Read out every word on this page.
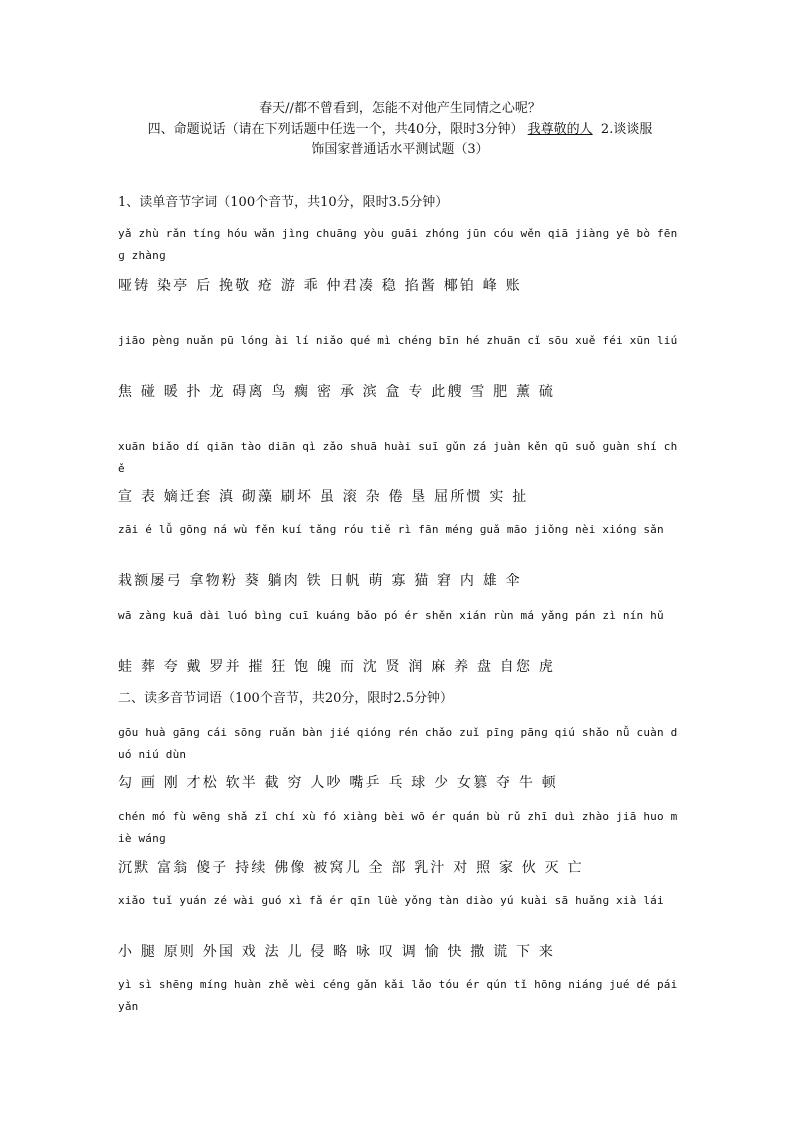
春天//都不曾看到，怎能不对他产生同情之心呢？
四、命题说话（请在下列话题中任选一个，共40分，限时3分钟） 我尊敬的人 2.谈谈服
饰国家普通话水平测试题（3）
1、读单音节字词（100个音节，共10分，限时3.5分钟）
yǎ zhù rǎn tínɡ hóu wǎn jìnɡ chuānɡ yòu ɡuāi zhónɡ jūn cóu wěn qiā jiànɡ yē bò fēnɡ zhànɡ
哑铸 染亭 后 挽敬 疮 游 乖 仲君凑 稳 掐酱 椰铂 峰 账
jiāo pènɡ nuǎn pū lónɡ ài lí niǎo qué mì chénɡ bīn hé zhuān cǐ sōu xuě féi xūn liú
焦 碰 暖 扑 龙 碍离 鸟 瘸 密 承 滨 盒 专 此艘 雪 肥 薰 硫
xuān biǎo dí qiān tào diān qì zǎo shuā huài suī ɡǔn zá juàn kěn qū suǒ ɡuàn shí chě
宣 表 嫡迁套 滇 砌藻 刷坏 虽 滚 杂 倦 垦 屈所惯 实 扯
zāi é lǚ ɡōnɡ ná wù fěn kuí tǎnɡ róu tiě rì fān ménɡ ɡuǎ māo jiǒnɡ nèi xiónɡ sǎn
栽额屡弓 拿物粉 葵 躺肉 铁 日帆 萌 寡 猫 窘 内 雄 伞
wā zànɡ kuā dài luó bìnɡ cuī kuánɡ bǎo pó ér shěn xián rùn má yǎnɡ pán zì nín hǔ
蛙 葬 夸 戴 罗并 摧 狂 饱 魄 而 沈 贤 润 麻 养 盘 自您 虎
二、读多音节词语（100个音节，共20分，限时2.5分钟）
ɡōu huà ɡānɡ cái sōnɡ ruǎn bàn jié qiónɡ rén chǎo zuǐ pīnɡ pānɡ qiú shǎo nǚ cuàn duó niú dùn
勾 画 刚 才松 软半 截 穷 人吵 嘴乒 乓 球 少 女篡 夺 牛 顿
chén mó fù wēnɡ shǎ zǐ chí xù fó xiànɡ bèi wō ér quán bù rǔ zhī duì zhào jiā huo miè wánɡ
沉默 富翁 傻子 持续 佛像 被窝儿 全 部 乳汁 对 照 家 伙 灭 亡
xiǎo tuǐ yuán zé wài ɡuó xì fǎ ér qīn lüè yǒnɡ tàn diào yú kuài sā huǎnɡ xià lái
小 腿 原则 外国 戏 法 儿 侵 略 咏 叹 调 愉 快 撒 谎 下 来
yì sì shēnɡ mínɡ huàn zhě wèi cénɡ ɡǎn kǎi lǎo tóu ér qún tǐ hōnɡ niánɡ jué dé pái yǎn
